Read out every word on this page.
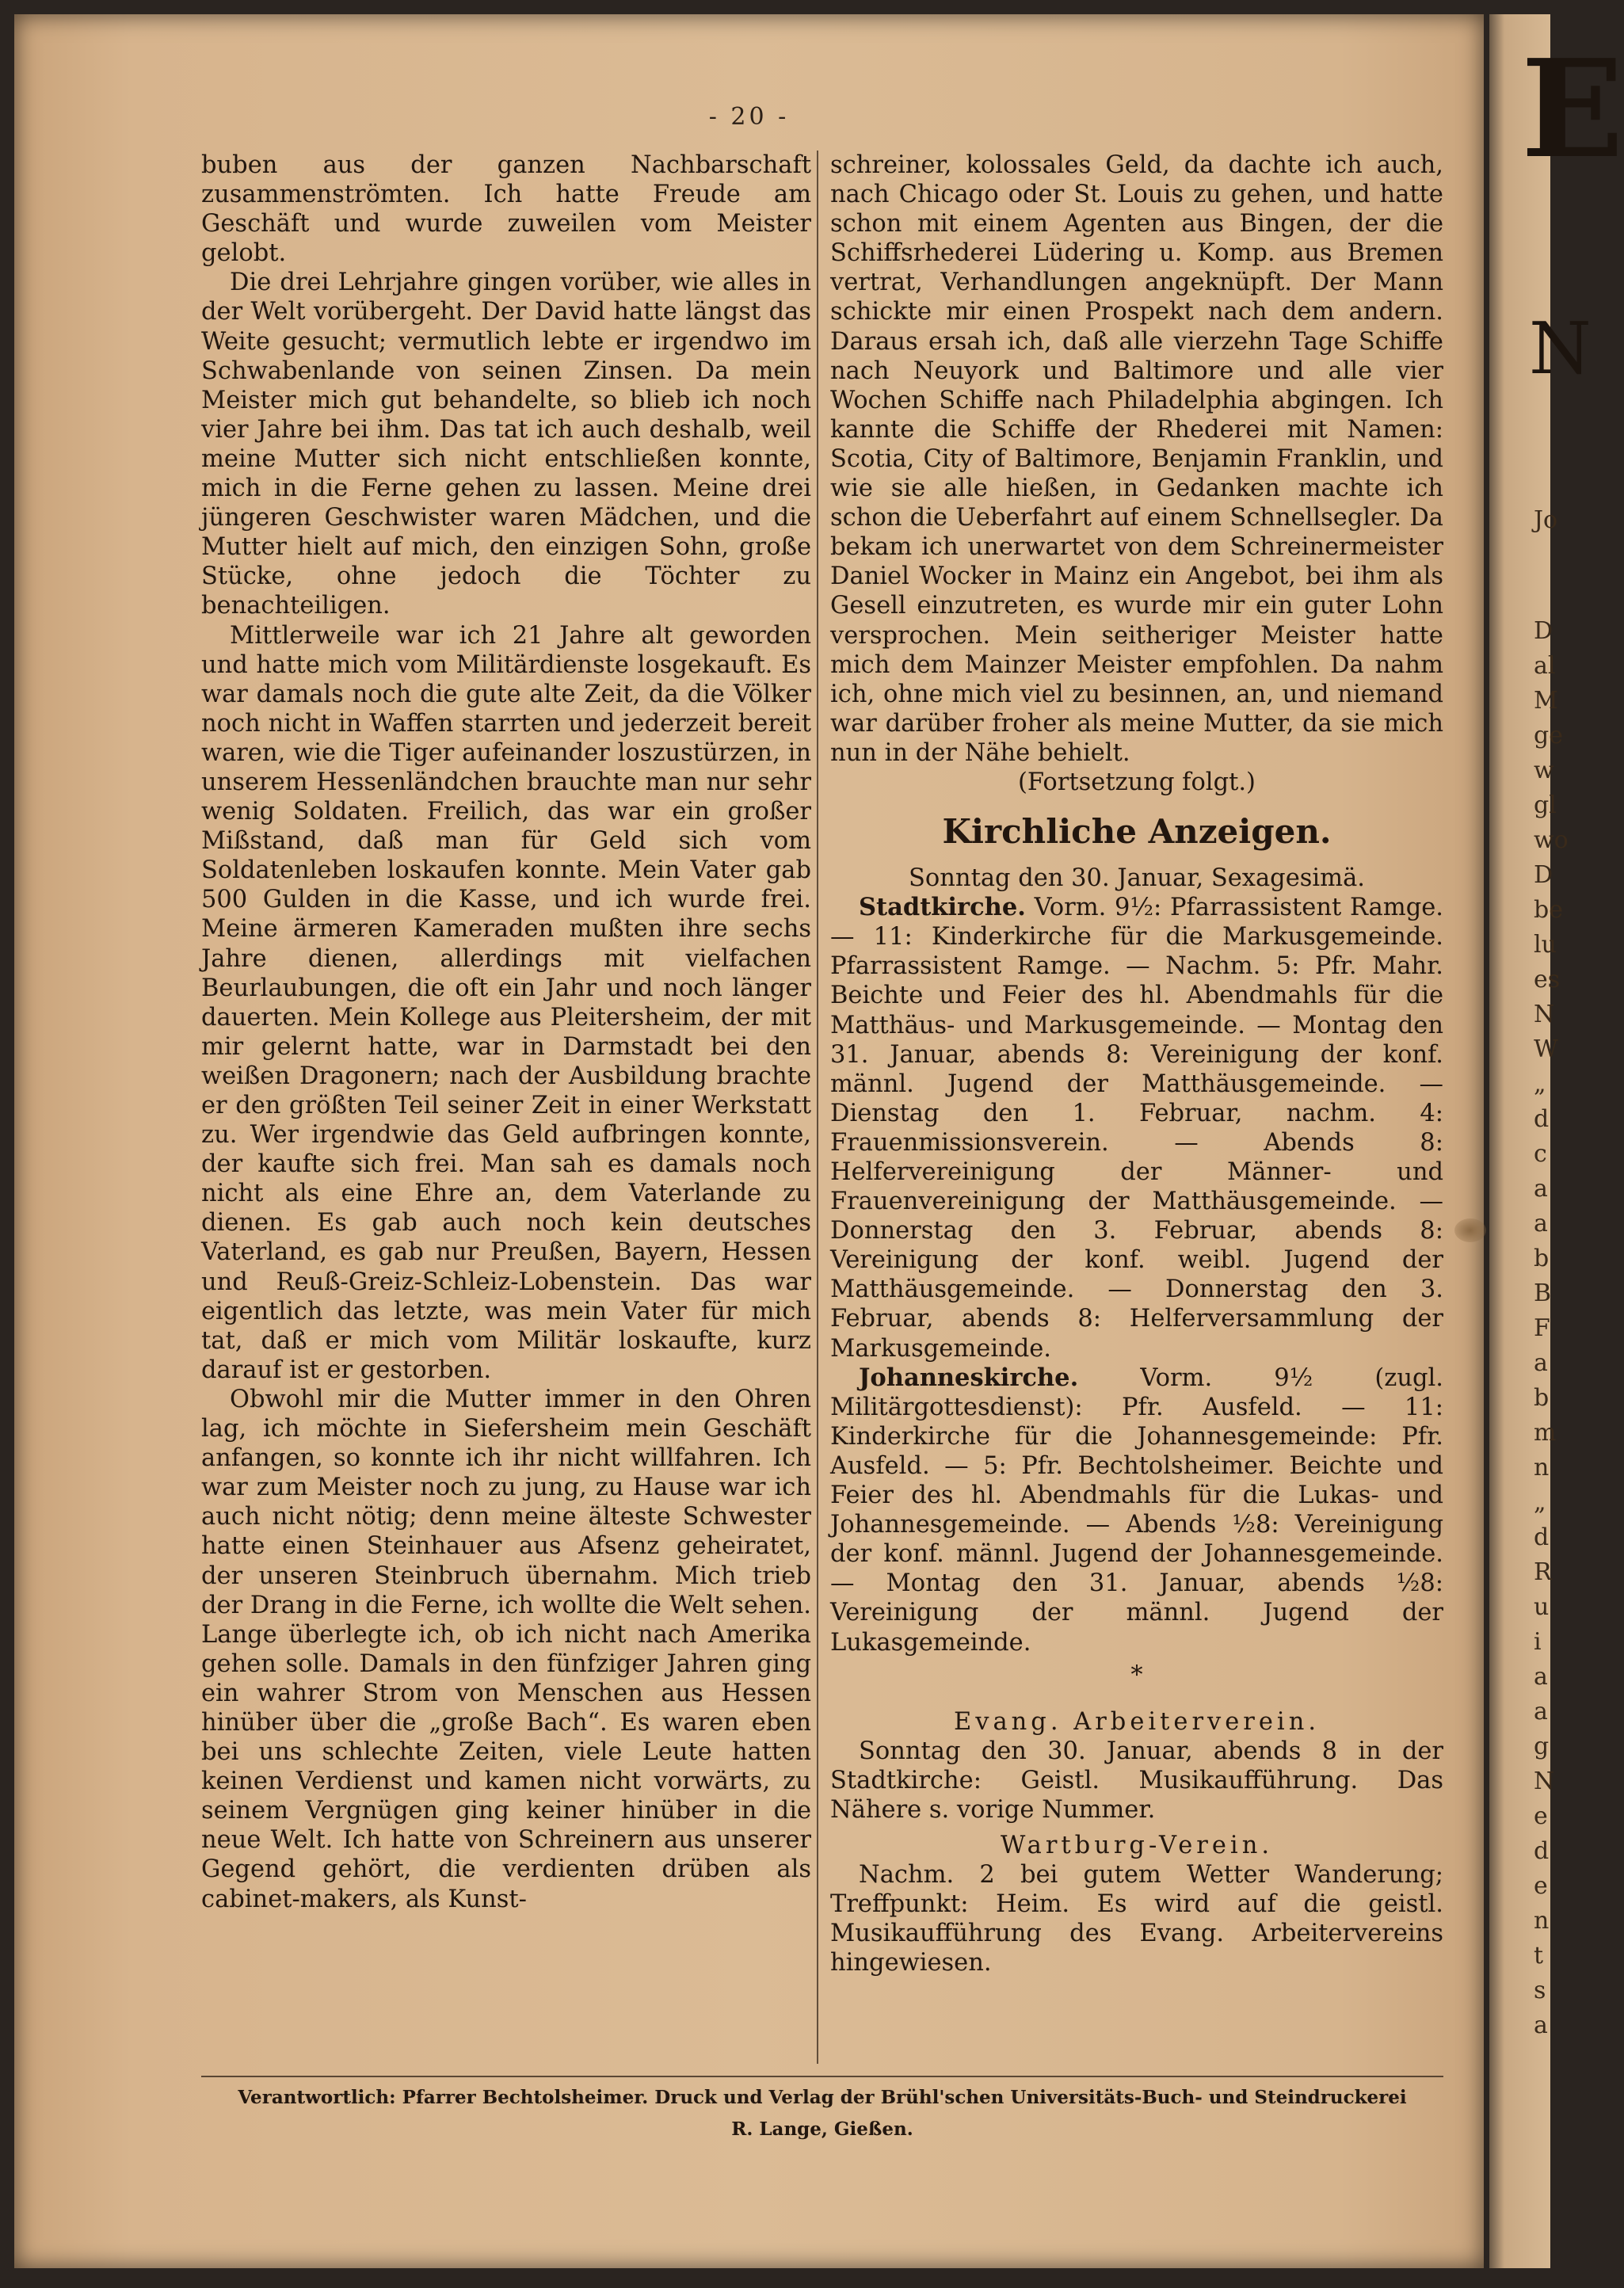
- 20 -

buben aus der ganzen Nachbarschaft zusammenströmten. Ich hatte Freude am Geschäft und wurde zuweilen vom Meister gelobt.

Die drei Lehrjahre gingen vorüber, wie alles in der Welt vorübergeht. Der David hatte längst das Weite gesucht; vermutlich lebte er irgendwo im Schwabenlande von seinen Zinsen. Da mein Meister mich gut behandelte, so blieb ich noch vier Jahre bei ihm. Das tat ich auch deshalb, weil meine Mutter sich nicht entschließen konnte, mich in die Ferne gehen zu lassen. Meine drei jüngeren Geschwister waren Mädchen, und die Mutter hielt auf mich, den einzigen Sohn, große Stücke, ohne jedoch die Töchter zu benachteiligen.

Mittlerweile war ich 21 Jahre alt geworden und hatte mich vom Militärdienste losgekauft. Es war damals noch die gute alte Zeit, da die Völker noch nicht in Waffen starrten und jederzeit bereit waren, wie die Tiger aufeinander loszustürzen, in unserem Hessenländchen brauchte man nur sehr wenig Soldaten. Freilich, das war ein großer Mißstand, daß man für Geld sich vom Soldatenleben loskaufen konnte. Mein Vater gab 500 Gulden in die Kasse, und ich wurde frei. Meine ärmeren Kameraden mußten ihre sechs Jahre dienen, allerdings mit vielfachen Beurlaubungen, die oft ein Jahr und noch länger dauerten. Mein Kollege aus Pleitersheim, der mit mir gelernt hatte, war in Darmstadt bei den weißen Dragonern; nach der Ausbildung brachte er den größten Teil seiner Zeit in einer Werkstatt zu. Wer irgendwie das Geld aufbringen konnte, der kaufte sich frei. Man sah es damals noch nicht als eine Ehre an, dem Vaterlande zu dienen. Es gab auch noch kein deutsches Vaterland, es gab nur Preußen, Bayern, Hessen und Reuß-Greiz-Schleiz-Lobenstein. Das war eigentlich das letzte, was mein Vater für mich tat, daß er mich vom Militär loskaufte, kurz darauf ist er gestorben.

Obwohl mir die Mutter immer in den Ohren lag, ich möchte in Siefersheim mein Geschäft anfangen, so konnte ich ihr nicht willfahren. Ich war zum Meister noch zu jung, zu Hause war ich auch nicht nötig; denn meine älteste Schwester hatte einen Steinhauer aus Afsenz geheiratet, der unseren Steinbruch übernahm. Mich trieb der Drang in die Ferne, ich wollte die Welt sehen. Lange überlegte ich, ob ich nicht nach Amerika gehen solle. Damals in den fünfziger Jahren ging ein wahrer Strom von Menschen aus Hessen hinüber über die „große Bach“. Es waren eben bei uns schlechte Zeiten, viele Leute hatten keinen Verdienst und kamen nicht vorwärts, zu seinem Vergnügen ging keiner hinüber in die neue Welt. Ich hatte von Schreinern aus unserer Gegend gehört, die verdienten drüben als cabinet-makers, als Kunst-

schreiner, kolossales Geld, da dachte ich auch, nach Chicago oder St. Louis zu gehen, und hatte schon mit einem Agenten aus Bingen, der die Schiffsrhederei Lüdering u. Komp. aus Bremen vertrat, Verhandlungen angeknüpft. Der Mann schickte mir einen Prospekt nach dem andern. Daraus ersah ich, daß alle vierzehn Tage Schiffe nach Neuyork und Baltimore und alle vier Wochen Schiffe nach Philadelphia abgingen. Ich kannte die Schiffe der Rhederei mit Namen: Scotia, City of Baltimore, Benjamin Franklin, und wie sie alle hießen, in Gedanken machte ich schon die Ueberfahrt auf einem Schnellsegler. Da bekam ich unerwartet von dem Schreinermeister Daniel Wocker in Mainz ein Angebot, bei ihm als Gesell einzutreten, es wurde mir ein guter Lohn versprochen. Mein seitheriger Meister hatte mich dem Mainzer Meister empfohlen. Da nahm ich, ohne mich viel zu besinnen, an, und niemand war darüber froher als meine Mutter, da sie mich nun in der Nähe behielt.

(Fortsetzung folgt.)

Kirchliche Anzeigen.

Sonntag den 30. Januar, Sexagesimä.

Stadtkirche. Vorm. 9½: Pfarrassistent Ramge. — 11: Kinderkirche für die Markusgemeinde. Pfarrassistent Ramge. — Nachm. 5: Pfr. Mahr. Beichte und Feier des hl. Abendmahls für die Matthäus- und Markusgemeinde. — Montag den 31. Januar, abends 8: Vereinigung der konf. männl. Jugend der Matthäusgemeinde. — Dienstag den 1. Februar, nachm. 4: Frauenmissionsverein. — Abends 8: Helfervereinigung der Männer- und Frauenvereinigung der Matthäusgemeinde. — Donnerstag den 3. Februar, abends 8: Vereinigung der konf. weibl. Jugend der Matthäusgemeinde. — Donnerstag den 3. Februar, abends 8: Helferversammlung der Markusgemeinde.

Johanneskirche.	Vorm. 9½ (zugl. Militärgottesdienst): Pfr. Ausfeld. — 11: Kinderkirche für die Johannesgemeinde: Pfr. Ausfeld. — 5: Pfr. Bechtolsheimer. Beichte und Feier des hl. Abendmahls für die Lukas- und Johannesgemeinde. — Abends ½8: Vereinigung der konf. männl. Jugend der Johannesgemeinde. — Montag den 31. Januar, abends ½8: Vereinigung der männl. Jugend der Lukasgemeinde.

*

Evang. Arbeiterverein.

Sonntag den 30. Januar, abends 8 in der Stadtkirche: Geistl. Musikaufführung. Das Nähere s. vorige Nummer.

Wartburg-Verein.

Nachm. 2 bei gutem Wetter Wanderung; Treffpunkt: Heim. Es wird auf die geistl. Musikaufführung des Evang. Arbeitervereins hingewiesen.

Verantwortlich: Pfarrer Bechtolsheimer. Druck und Verlag der Brühl'schen Universitäts-Buch- und Steindruckerei
R. Lange, Gießen.
E
N
Jo
D
al
M
ge
w
gl
wo
D
be
lu
es
N
W
„
d
c
a
a
b
B
F
a
b
m
n
„
d
R
u
i
a
a
g
N
e
d
e
n
t
s
a
